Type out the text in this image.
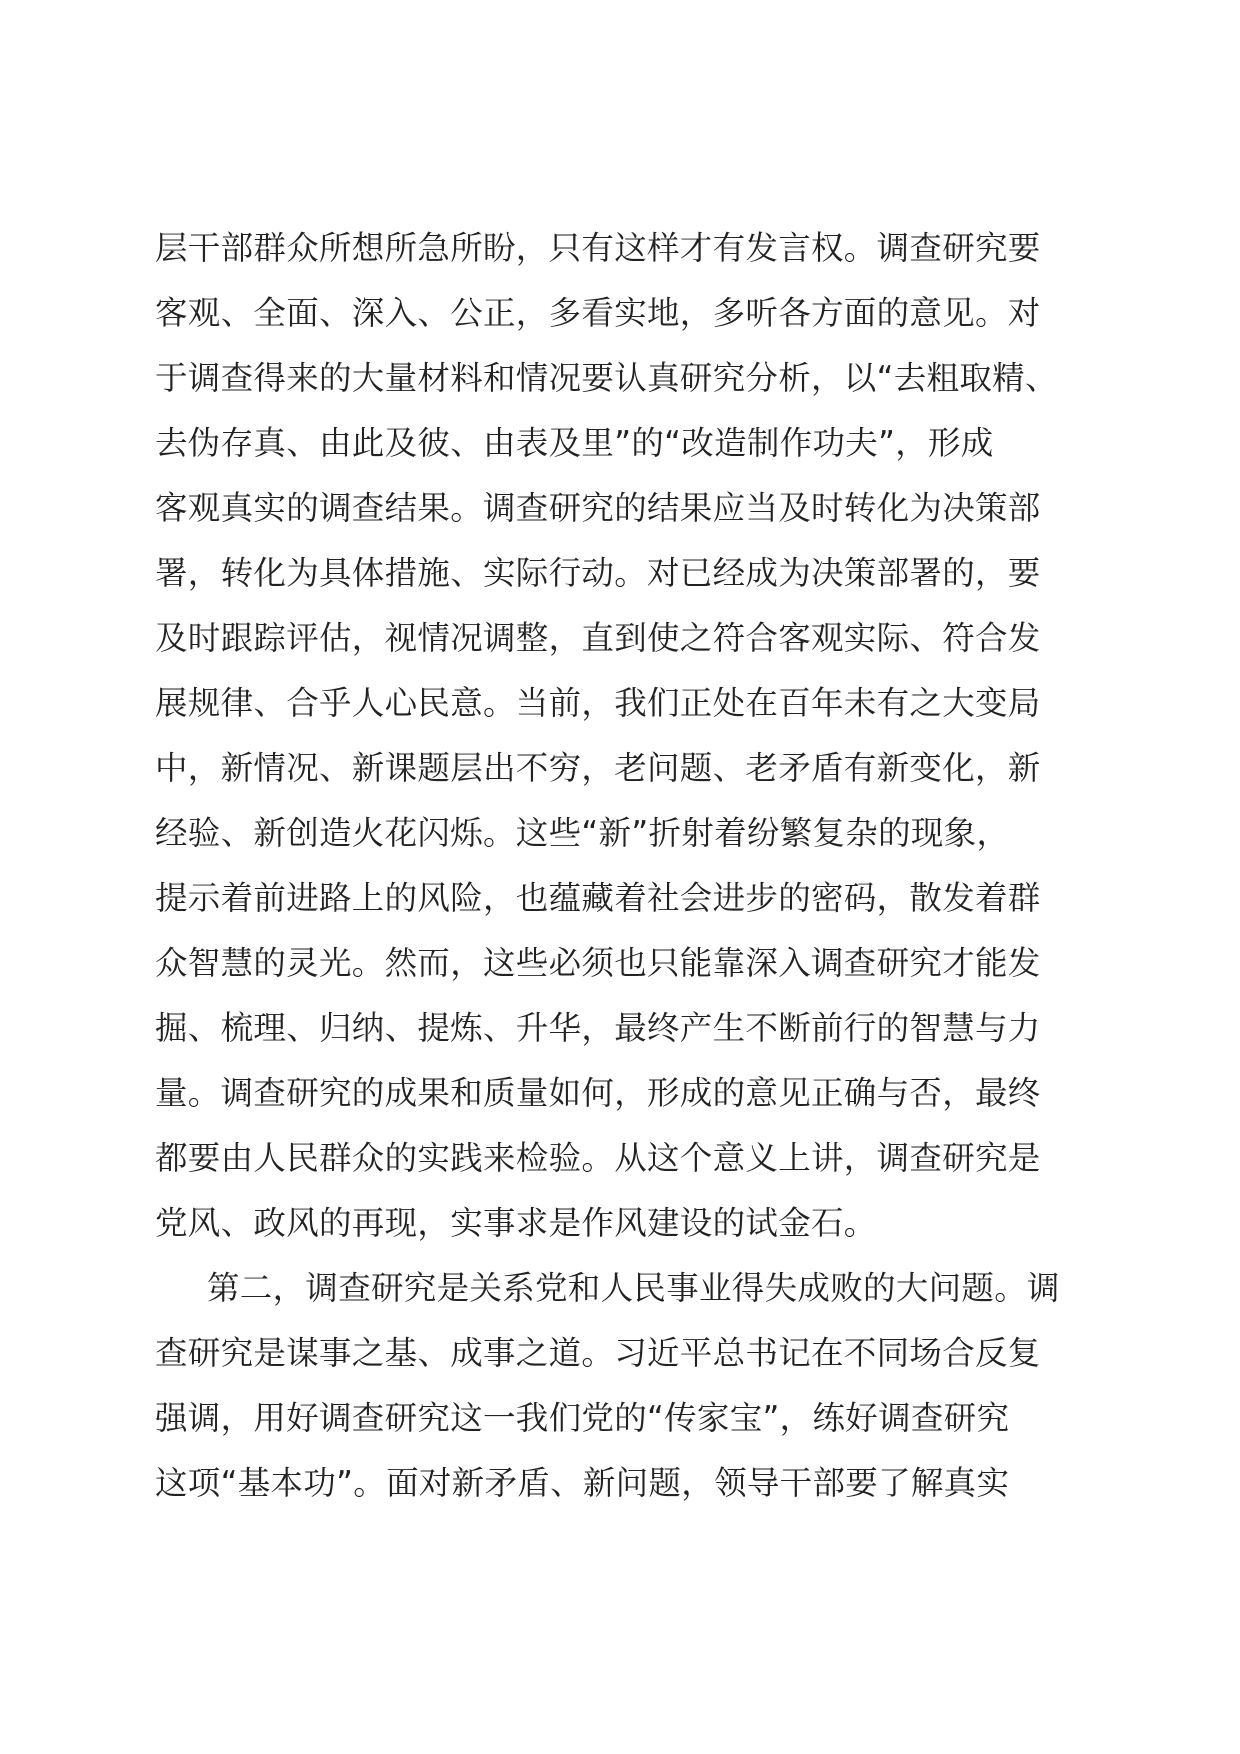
层干部群众所想所急所盼，只有这样才有发言权。调查研究要
客观、全面、深入、公正，多看实地，多听各方面的意见。对
于调查得来的大量材料和情况要认真研究分析，以“去粗取精、
去伪存真、由此及彼、由表及里”的“改造制作功夫”，形成
客观真实的调查结果。调查研究的结果应当及时转化为决策部
署，转化为具体措施、实际行动。对已经成为决策部署的，要
及时跟踪评估，视情况调整，直到使之符合客观实际、符合发
展规律、合乎人心民意。当前，我们正处在百年未有之大变局
中，新情况、新课题层出不穷，老问题、老矛盾有新变化，新
经验、新创造火花闪烁。这些“新”折射着纷繁复杂的现象，
提示着前进路上的风险，也蕴藏着社会进步的密码，散发着群
众智慧的灵光。然而，这些必须也只能靠深入调查研究才能发
掘、梳理、归纳、提炼、升华，最终产生不断前行的智慧与力
量。调查研究的成果和质量如何，形成的意见正确与否，最终
都要由人民群众的实践来检验。从这个意义上讲，调查研究是
党风、政风的再现，实事求是作风建设的试金石。
第二，调查研究是关系党和人民事业得失成败的大问题。调
查研究是谋事之基、成事之道。习近平总书记在不同场合反复
强调，用好调查研究这一我们党的“传家宝”，练好调查研究
这项“基本功”。面对新矛盾、新问题，领导干部要了解真实
